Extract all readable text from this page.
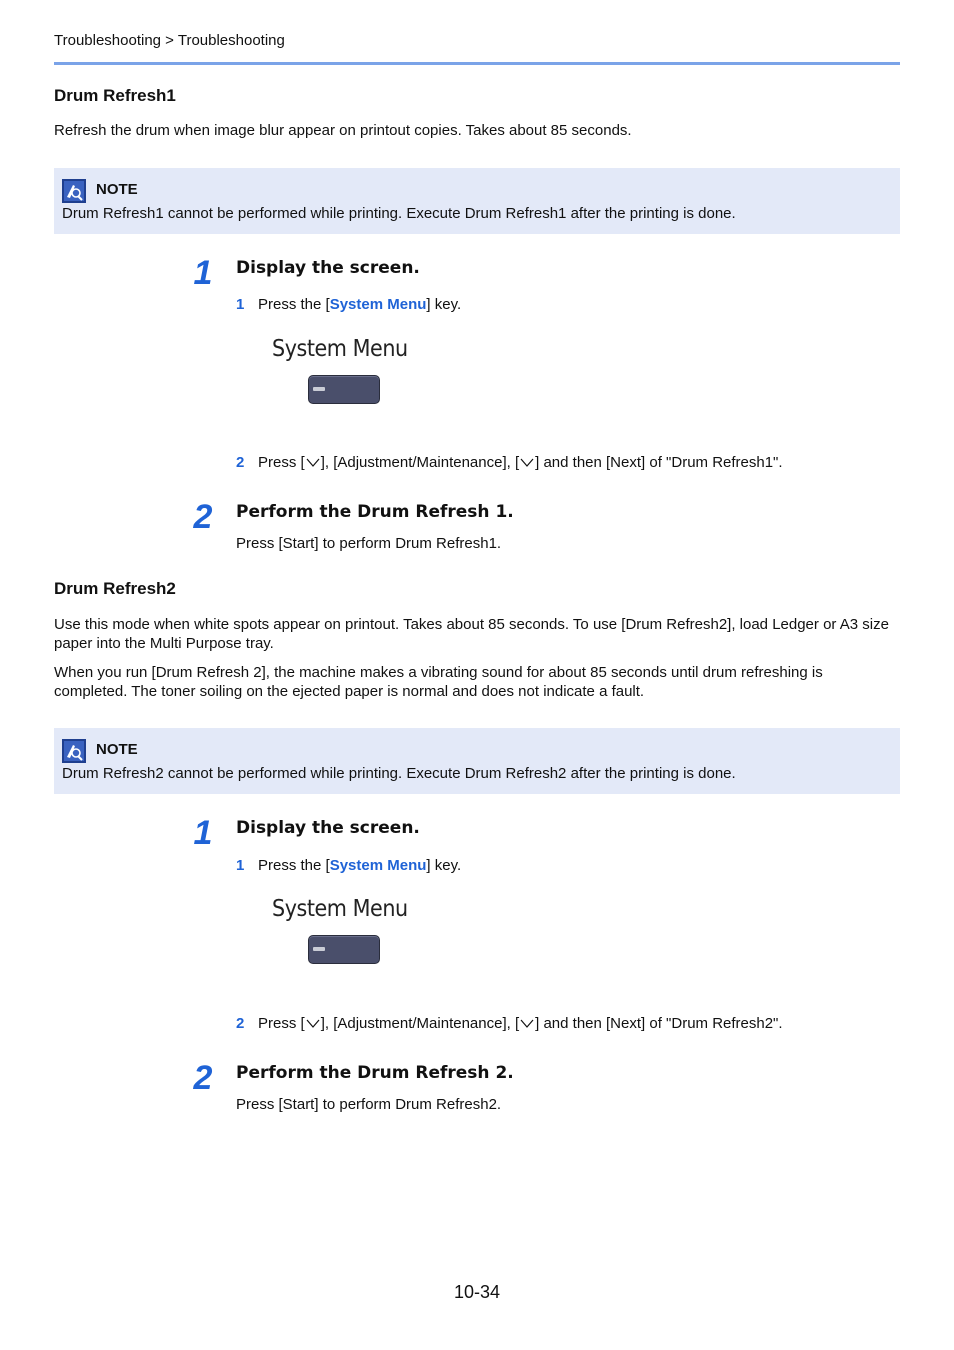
Troubleshooting > Troubleshooting
Drum Refresh1
Refresh the drum when image blur appear on printout copies. Takes about 85 seconds.
NOTE
Drum Refresh1 cannot be performed while printing. Execute Drum Refresh1 after the printing is done.
1	Display the screen.
1 Press the [System Menu] key.
System Menu
2 Press [ ], [Adjustment/Maintenance], [ ] and then [Next] of "Drum Refresh1".
2	Perform the Drum Refresh 1.
Press [Start] to perform Drum Refresh1.
Drum Refresh2
Use this mode when white spots appear on printout. Takes about 85 seconds. To use [Drum Refresh2], load Ledger or A3 size paper into the Multi Purpose tray.
When you run [Drum Refresh 2], the machine makes a vibrating sound for about 85 seconds until drum refreshing is completed. The toner soiling on the ejected paper is normal and does not indicate a fault.
NOTE
Drum Refresh2 cannot be performed while printing. Execute Drum Refresh2 after the printing is done.
1	Display the screen.
1 Press the [System Menu] key.
System Menu
2 Press [ ], [Adjustment/Maintenance], [ ] and then [Next] of "Drum Refresh2".
2	Perform the Drum Refresh 2.
Press [Start] to perform Drum Refresh2.
10-34
